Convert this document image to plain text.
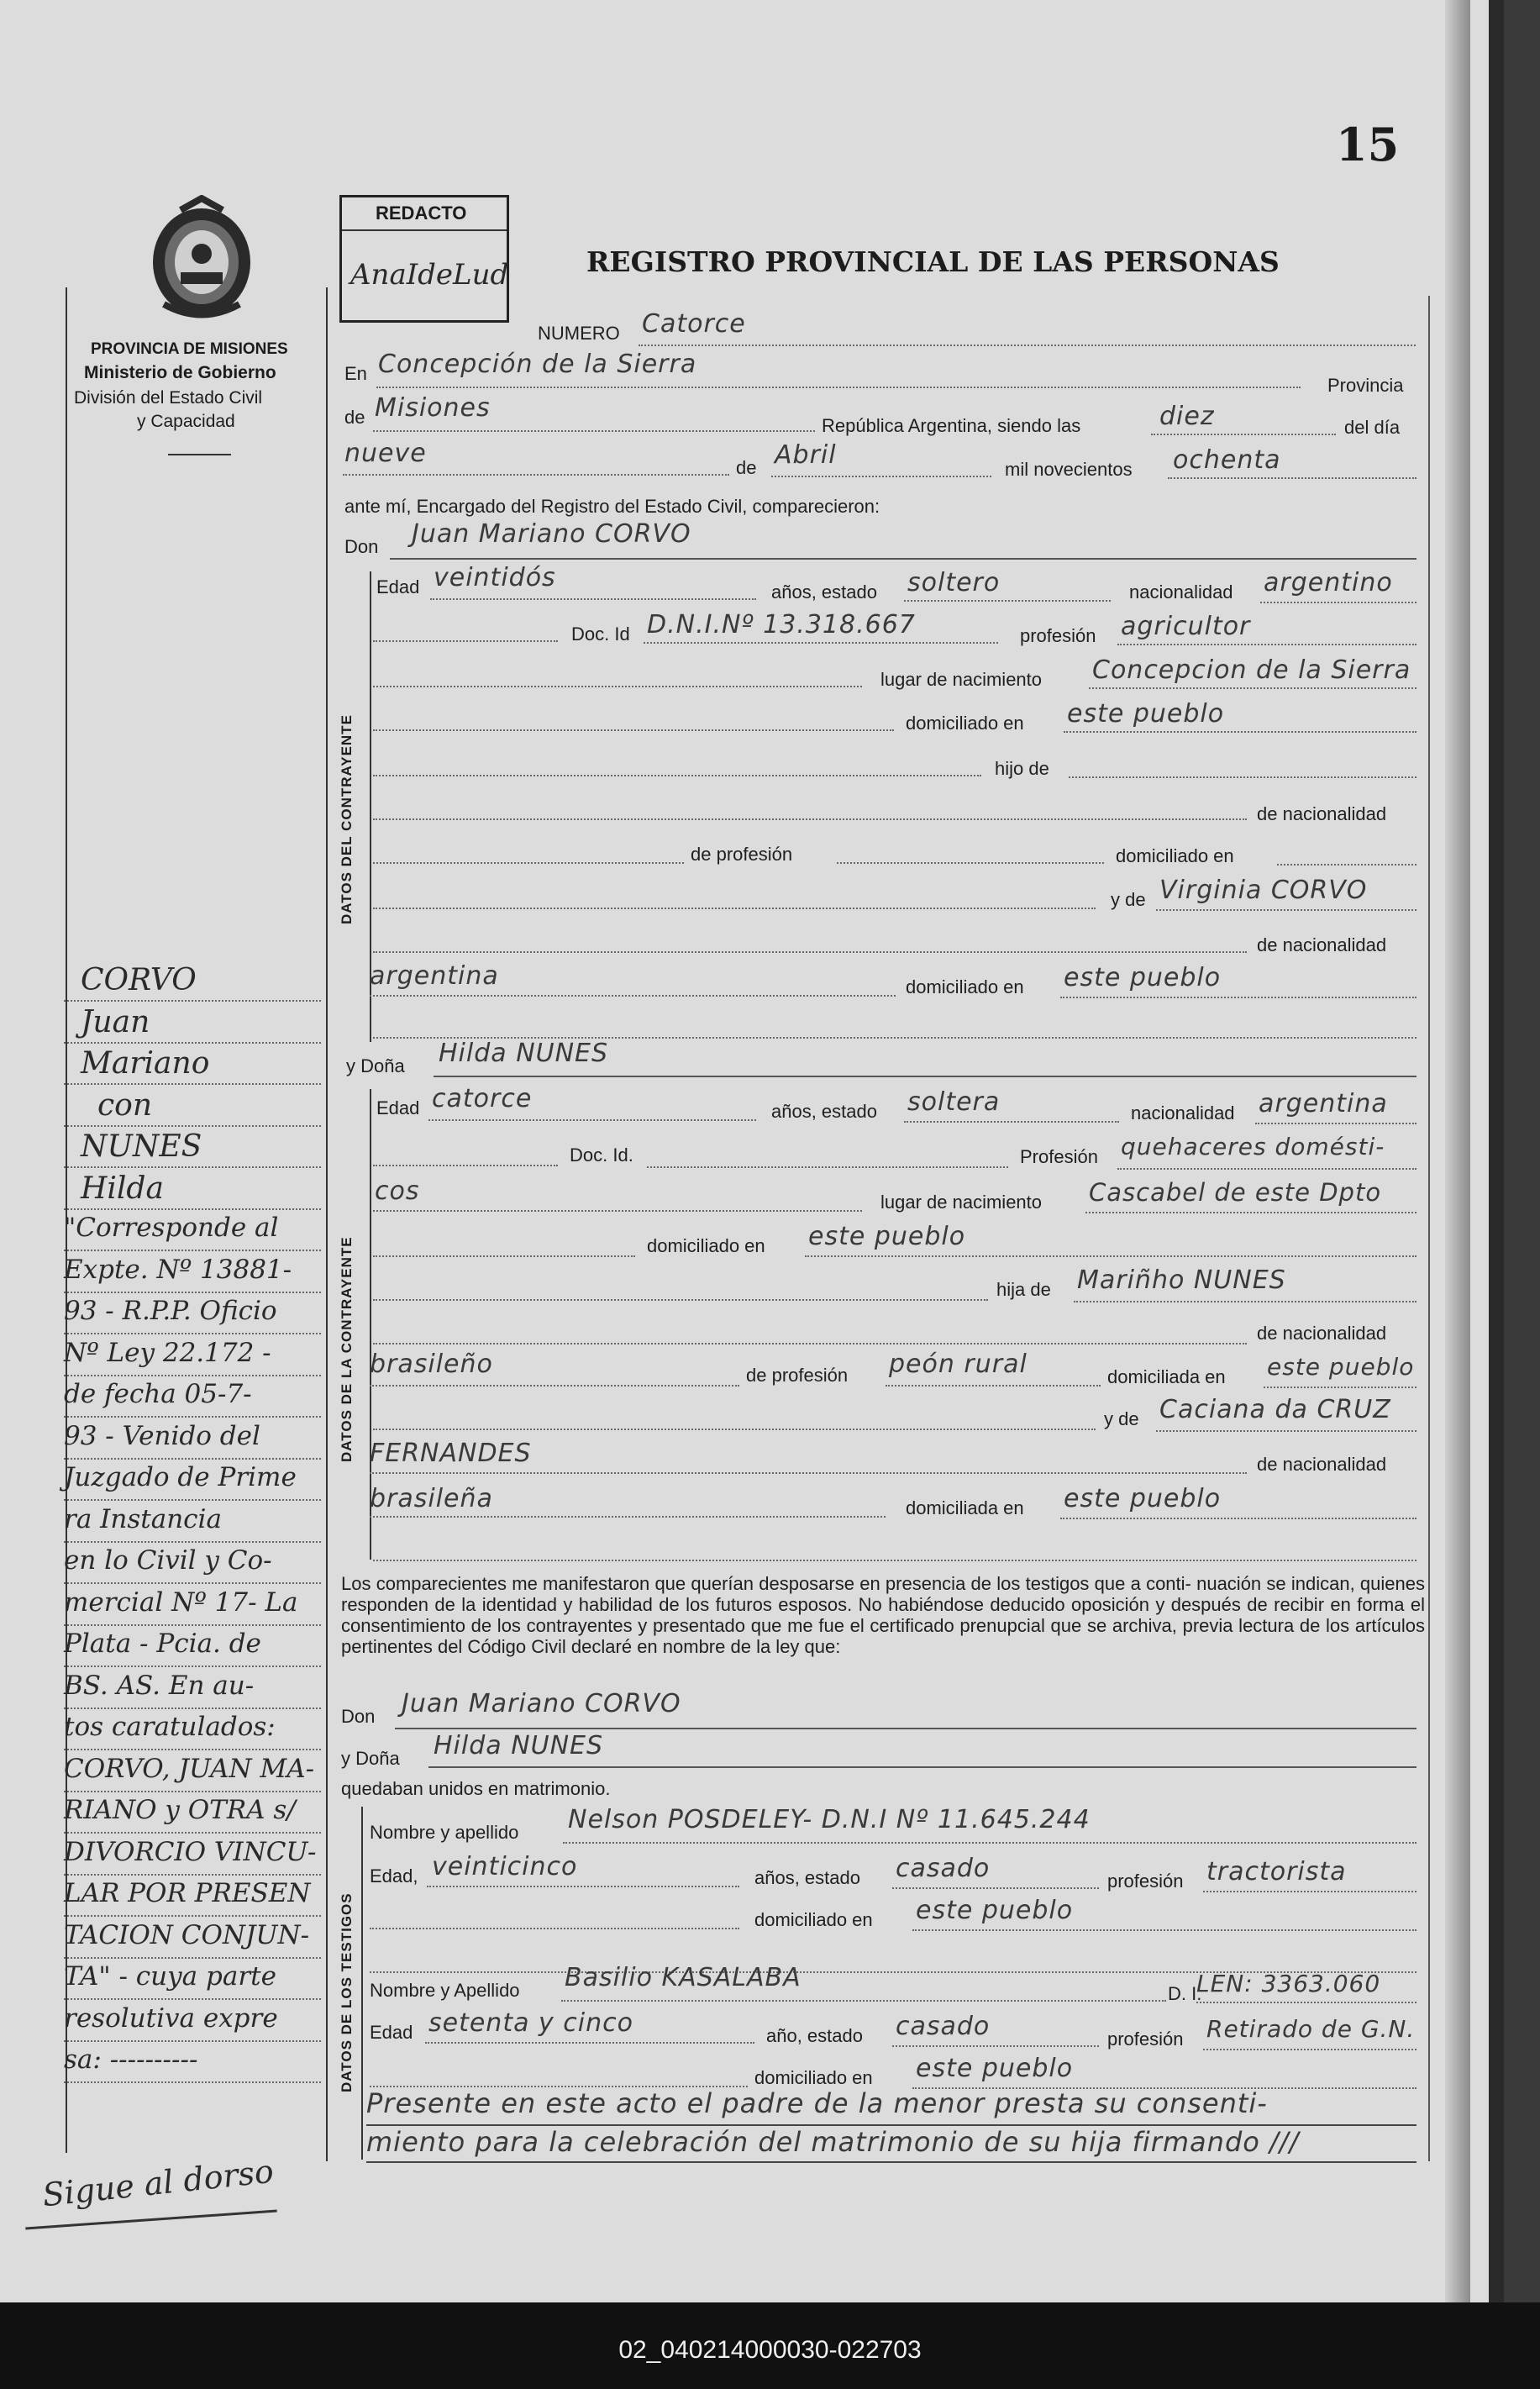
15
PROVINCIA DE MISIONES
Ministerio de Gobierno
División del Estado Civil
y Capacidad
REDACTO
AnaIdeLud	REGISTRO PROVINCIAL DE LAS PERSONAS
NUMERO Catorce
En Concepción de la Sierra
Provincia
de Misiones
República Argentina, siendo las	diez	del día
nueve	de Abril	mil novecientos ochenta
ante mí, Encargado del Registro del Estado Civil, comparecieron:
Don Juan Mariano CORVO
DATOS DEL CONTRAYENTE
Edad veintidós	años, estado soltero	nacionalidad argentino
Doc. Id D.N.I.Nº 13.318.667	profesión agricultor
lugar de nacimiento Concepcion de la Sierra
domiciliado en este pueblo
hijo de
de nacionalidad
de profesión	domiciliado en
y de Virginia CORVO
de nacionalidad
argentina	domiciliado en este pueblo
y Doña Hilda NUNES
DATOS DE LA CONTRAYENTE
Edad catorce	años, estado soltera	nacionalidad argentina
Doc. Id.	Profesión quehaceres domésti-
cos	lugar de nacimiento Cascabel de este Dpto
domiciliado en este pueblo
hija de Mariñho NUNES
de nacionalidad
brasileño	de profesión peón rural	domiciliada en este pueblo
y de Caciana da CRUZ
FERNANDES	de nacionalidad
brasileña	domiciliada en este pueblo
Los comparecientes me manifestaron que querían desposarse en presencia de los testigos que a conti- nuación se indican, quienes responden de la identidad y habilidad de los futuros esposos. No habiéndose deducido oposición y después de recibir en forma el consentimiento de los contrayentes y presentado que me fue el certificado prenupcial que se archiva, previa lectura de los artículos pertinentes del Código Civil declaré en nombre de la ley que:
Don Juan Mariano CORVO
y Doña Hilda NUNES
quedaban unidos en matrimonio.
DATOS DE LOS TESTIGOS
Nombre y apellido Nelson POSDELEY- D.N.I Nº 11.645.244
Edad, veinticinco	años, estado casado	profesión tractorista
domiciliado en este pueblo
Nombre y Apellido Basilio KASALABA
D. I.
LEN: 3363.060
Edad setenta y cinco	año, estado casado	profesión Retirado de G.N.
domiciliado en este pueblo
Presente en este acto el padre de la menor presta su consenti-
miento para la celebración del matrimonio de su hija firmando ///
CORVO
Juan
Mariano
con
NUNES
Hilda
"Corresponde al
Expte. Nº 13881-
93 - R.P.P. Oficio
Nº Ley 22.172 -
de fecha 05-7-
93 - Venido del
Juzgado de Prime
ra Instancia
en lo Civil y Co-
mercial Nº 17- La
Plata - Pcia. de
BS. AS. En au-
tos caratulados:
CORVO, JUAN MA-
RIANO y OTRA s/
DIVORCIO VINCU-
LAR POR PRESEN
TACION CONJUN-
TA" - cuya parte
resolutiva expre
sa: ----------
Sigue al dorso
02_040214000030-022703
